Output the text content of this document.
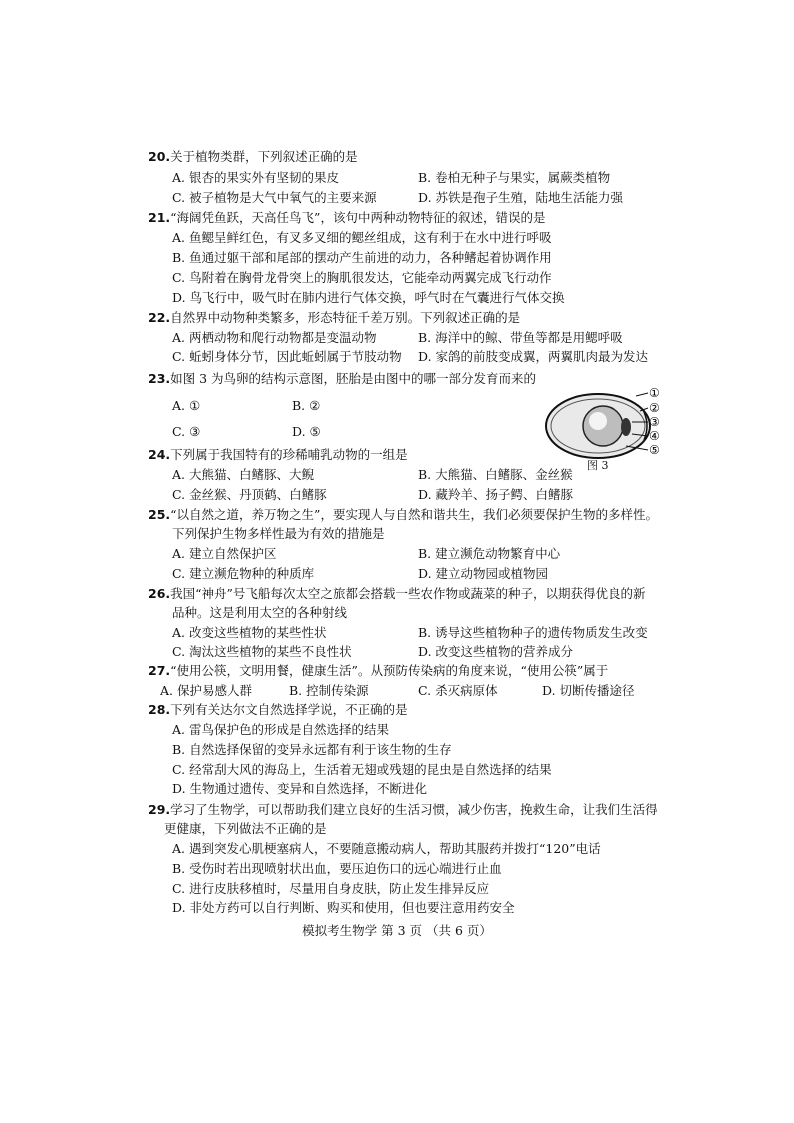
20.关于植物类群，下列叙述正确的是
A. 银杏的果实外有坚韧的果皮	B. 卷柏无种子与果实，属蕨类植物
C. 被子植物是大气中氧气的主要来源	D. 苏铁是孢子生殖，陆地生活能力强
21.“海阔凭鱼跃，天高任鸟飞”，该句中两种动物特征的叙述，错误的是
A. 鱼鳃呈鲜红色，有叉多叉细的鳃丝组成，这有利于在水中进行呼吸
B. 鱼通过躯干部和尾部的摆动产生前进的动力，各种鳍起着协调作用
C. 鸟附着在胸骨龙骨突上的胸肌很发达，它能牵动两翼完成飞行动作
D. 鸟飞行中，吸气时在肺内进行气体交换，呼气时在气囊进行气体交换
22.自然界中动物种类繁多，形态特征千差万别。下列叙述正确的是
A. 两栖动物和爬行动物都是变温动物	B. 海洋中的鲸、带鱼等都是用鳃呼吸
C. 蚯蚓身体分节，因此蚯蚓属于节肢动物 D. 家鸽的前肢变成翼，两翼肌肉最为发达
23.如图 3 为鸟卵的结构示意图，胚胎是由图中的哪一部分发育而来的
A. ①	B. ②
C. ③	D. ⑤
①
②
③
④
⑤
图 3
24.下列属于我国特有的珍稀哺乳动物的一组是
A. 大熊猫、白鳍豚、大鲵	B. 大熊猫、白鳍豚、金丝猴
C. 金丝猴、丹顶鹤、白鳍豚	D. 藏羚羊、扬子鳄、白鳍豚
25.“以自然之道，养万物之生”，要实现人与自然和谐共生，我们必须要保护生物的多样性。
下列保护生物多样性最为有效的措施是
A. 建立自然保护区	B. 建立濒危动物繁育中心
C. 建立濒危物种的种质库	D. 建立动物园或植物园
26.我国“神舟”号飞船每次太空之旅都会搭载一些农作物或蔬菜的种子，以期获得优良的新
品种。这是利用太空的各种射线
A. 改变这些植物的某些性状	B. 诱导这些植物种子的遗传物质发生改变
C. 淘汰这些植物的某些不良性状	D. 改变这些植物的营养成分
27.“使用公筷，文明用餐，健康生活”。从预防传染病的角度来说，“使用公筷”属于
A. 保护易感人群	B. 控制传染源	C. 杀灭病原体	D. 切断传播途径
28.下列有关达尔文自然选择学说，不正确的是
A. 雷鸟保护色的形成是自然选择的结果
B. 自然选择保留的变异永远都有利于该生物的生存
C. 经常刮大风的海岛上，生活着无翅或残翅的昆虫是自然选择的结果
D. 生物通过遗传、变异和自然选择，不断进化
29.学习了生物学，可以帮助我们建立良好的生活习惯，减少伤害，挽救生命，让我们生活得
更健康，下列做法不正确的是
A. 遇到突发心肌梗塞病人，不要随意搬动病人，帮助其服药并拨打“120”电话
B. 受伤时若出现喷射状出血，要压迫伤口的远心端进行止血
C. 进行皮肤移植时，尽量用自身皮肤，防止发生排异反应
D. 非处方药可以自行判断、购买和使用，但也要注意用药安全
模拟考生物学 第 3 页 （共 6 页）
